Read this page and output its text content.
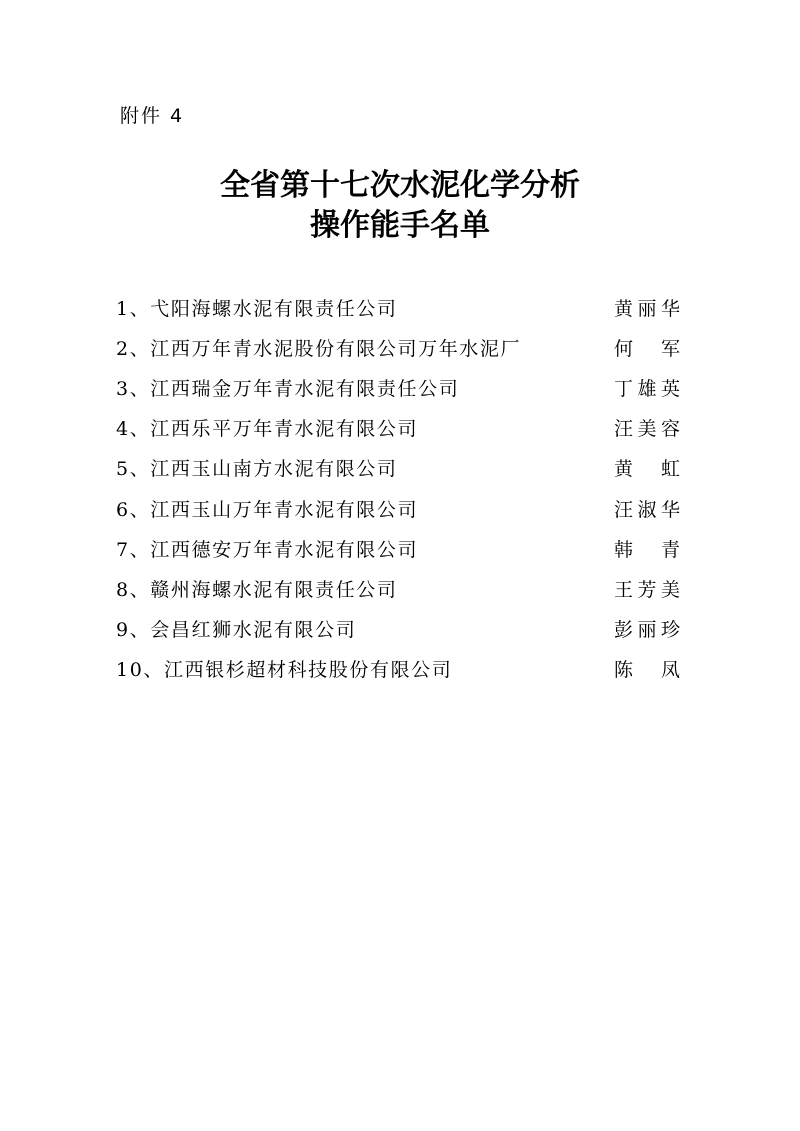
附件 4
全省第十七次水泥化学分析
操作能手名单
1、弋阳海螺水泥有限责任公司	黄丽华
2、江西万年青水泥股份有限公司万年水泥厂	何 军
3、江西瑞金万年青水泥有限责任公司	丁雄英
4、江西乐平万年青水泥有限公司	汪美容
5、江西玉山南方水泥有限公司	黄 虹
6、江西玉山万年青水泥有限公司	汪淑华
7、江西德安万年青水泥有限公司	韩 青
8、赣州海螺水泥有限责任公司	王芳美
9、会昌红狮水泥有限公司	彭丽珍
10、江西银杉超材科技股份有限公司	陈 凤
